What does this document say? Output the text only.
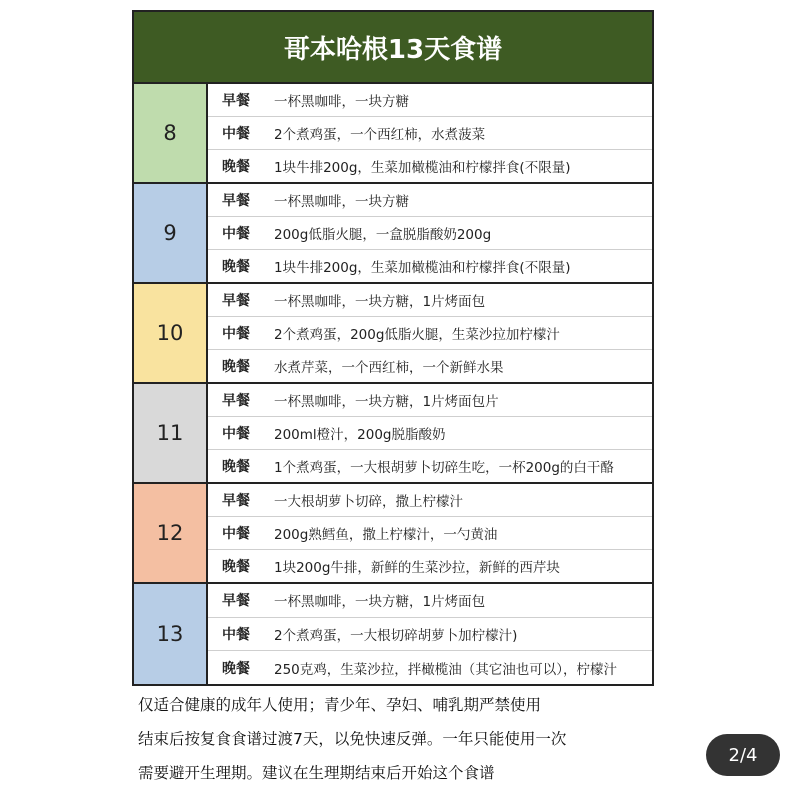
哥本哈根13天食谱
8
早餐	一杯黑咖啡，一块方糖
中餐	2个煮鸡蛋，一个西红柿，水煮菠菜
晚餐	1块牛排200g，生菜加橄榄油和柠檬拌食(不限量)
9
早餐	一杯黑咖啡，一块方糖
中餐	200g低脂火腿，一盒脱脂酸奶200g
晚餐	1块牛排200g，生菜加橄榄油和柠檬拌食(不限量)
10
早餐	一杯黑咖啡，一块方糖，1片烤面包
中餐	2个煮鸡蛋，200g低脂火腿，生菜沙拉加柠檬汁
晚餐	水煮芹菜，一个西红柿，一个新鲜水果
11
早餐	一杯黑咖啡，一块方糖，1片烤面包片
中餐	200ml橙汁，200g脱脂酸奶
晚餐	1个煮鸡蛋，一大根胡萝卜切碎生吃，一杯200g的白干酪
12
早餐	一大根胡萝卜切碎，撒上柠檬汁
中餐	200g熟鳕鱼，撒上柠檬汁，一勺黄油
晚餐	1块200g牛排，新鲜的生菜沙拉，新鲜的西芹块
13
早餐	一杯黑咖啡，一块方糖，1片烤面包
中餐	2个煮鸡蛋，一大根切碎胡萝卜加柠檬汁)
晚餐	250克鸡，生菜沙拉，拌橄榄油（其它油也可以），柠檬汁
仅适合健康的成年人使用；青少年、孕妇、哺乳期严禁使用
结束后按复食食谱过渡7天，以免快速反弹。一年只能使用一次
需要避开生理期。建议在生理期结束后开始这个食谱
2/4
